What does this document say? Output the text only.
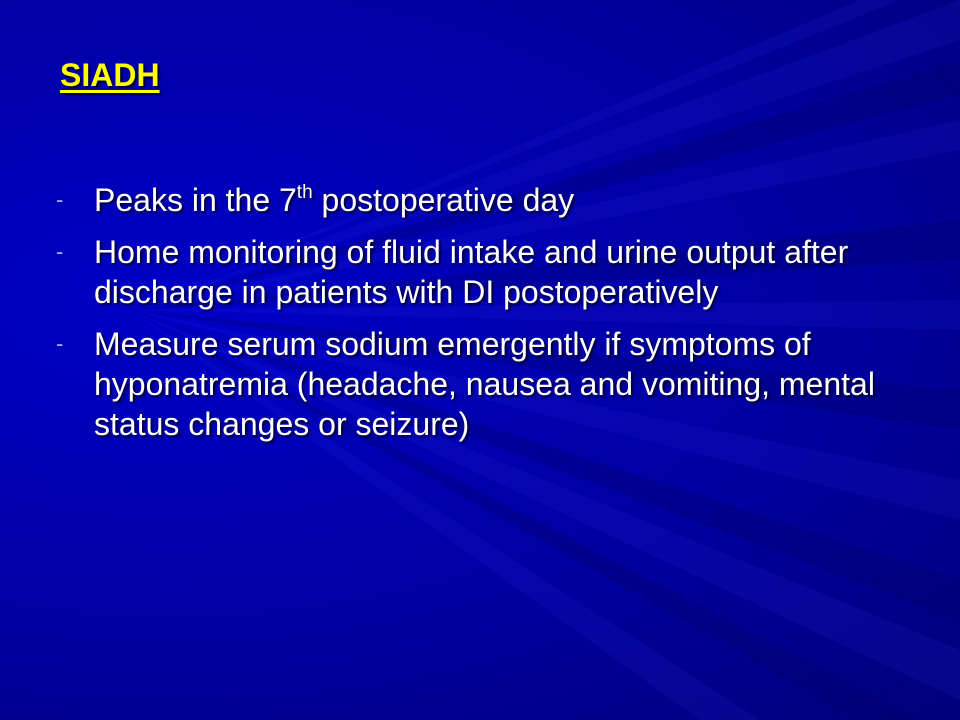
SIADH
- Peaks in the 7th postoperative day
- Home monitoring of fluid intake and urine output after discharge in patients with DI postoperatively
- Measure serum sodium emergently if symptoms of hyponatremia (headache, nausea and vomiting, mental status changes or seizure)
